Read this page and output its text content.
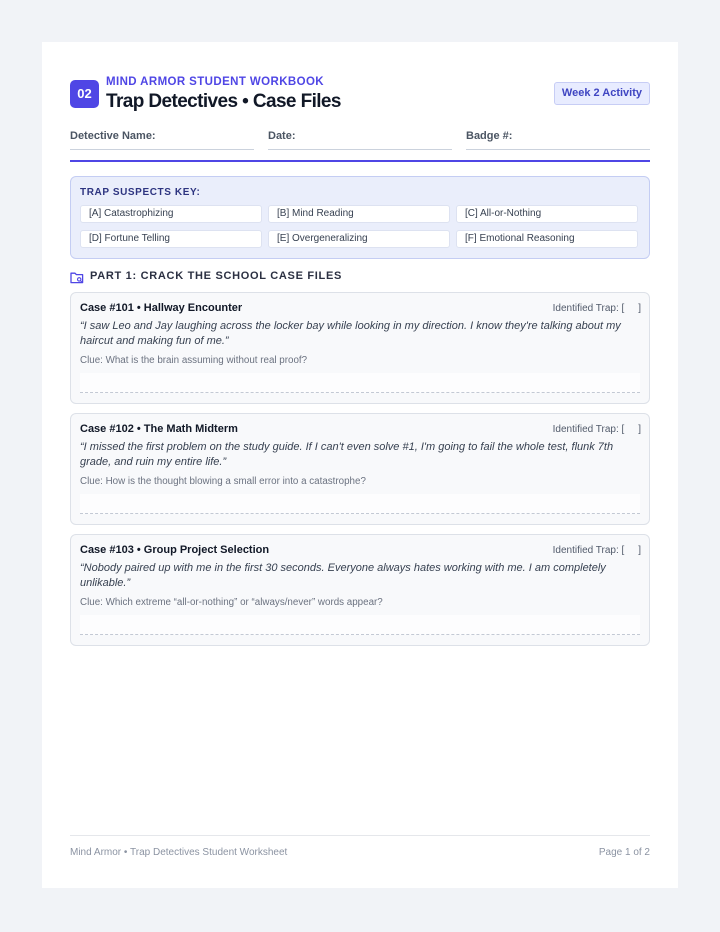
02
MIND ARMOR STUDENT WORKBOOK
Trap Detectives • Case Files	Week 2 Activity
Detective Name:	Date:	Badge #:
TRAP SUSPECTS KEY:
[A] Catastrophizing	[B] Mind Reading	[C] All-or-Nothing
[D] Fortune Telling	[E] Overgeneralizing	[F] Emotional Reasoning
PART 1: CRACK THE SCHOOL CASE FILES
Case #101 • Hallway Encounter	Identified Trap: [     ]
“I saw Leo and Jay laughing across the locker bay while looking in my direction. I know they're talking about my haircut and making fun of me.”
Clue: What is the brain assuming without real proof?
Case #102 • The Math Midterm	Identified Trap: [     ]
“I missed the first problem on the study guide. If I can't even solve #1, I'm going to fail the whole test, flunk 7th grade, and ruin my entire life.”
Clue: How is the thought blowing a small error into a catastrophe?
Case #103 • Group Project Selection	Identified Trap: [     ]
“Nobody paired up with me in the first 30 seconds. Everyone always hates working with me. I am completely unlikable.”
Clue: Which extreme “all-or-nothing” or “always/never” words appear?
Mind Armor • Trap Detectives Student Worksheet	Page 1 of 2
